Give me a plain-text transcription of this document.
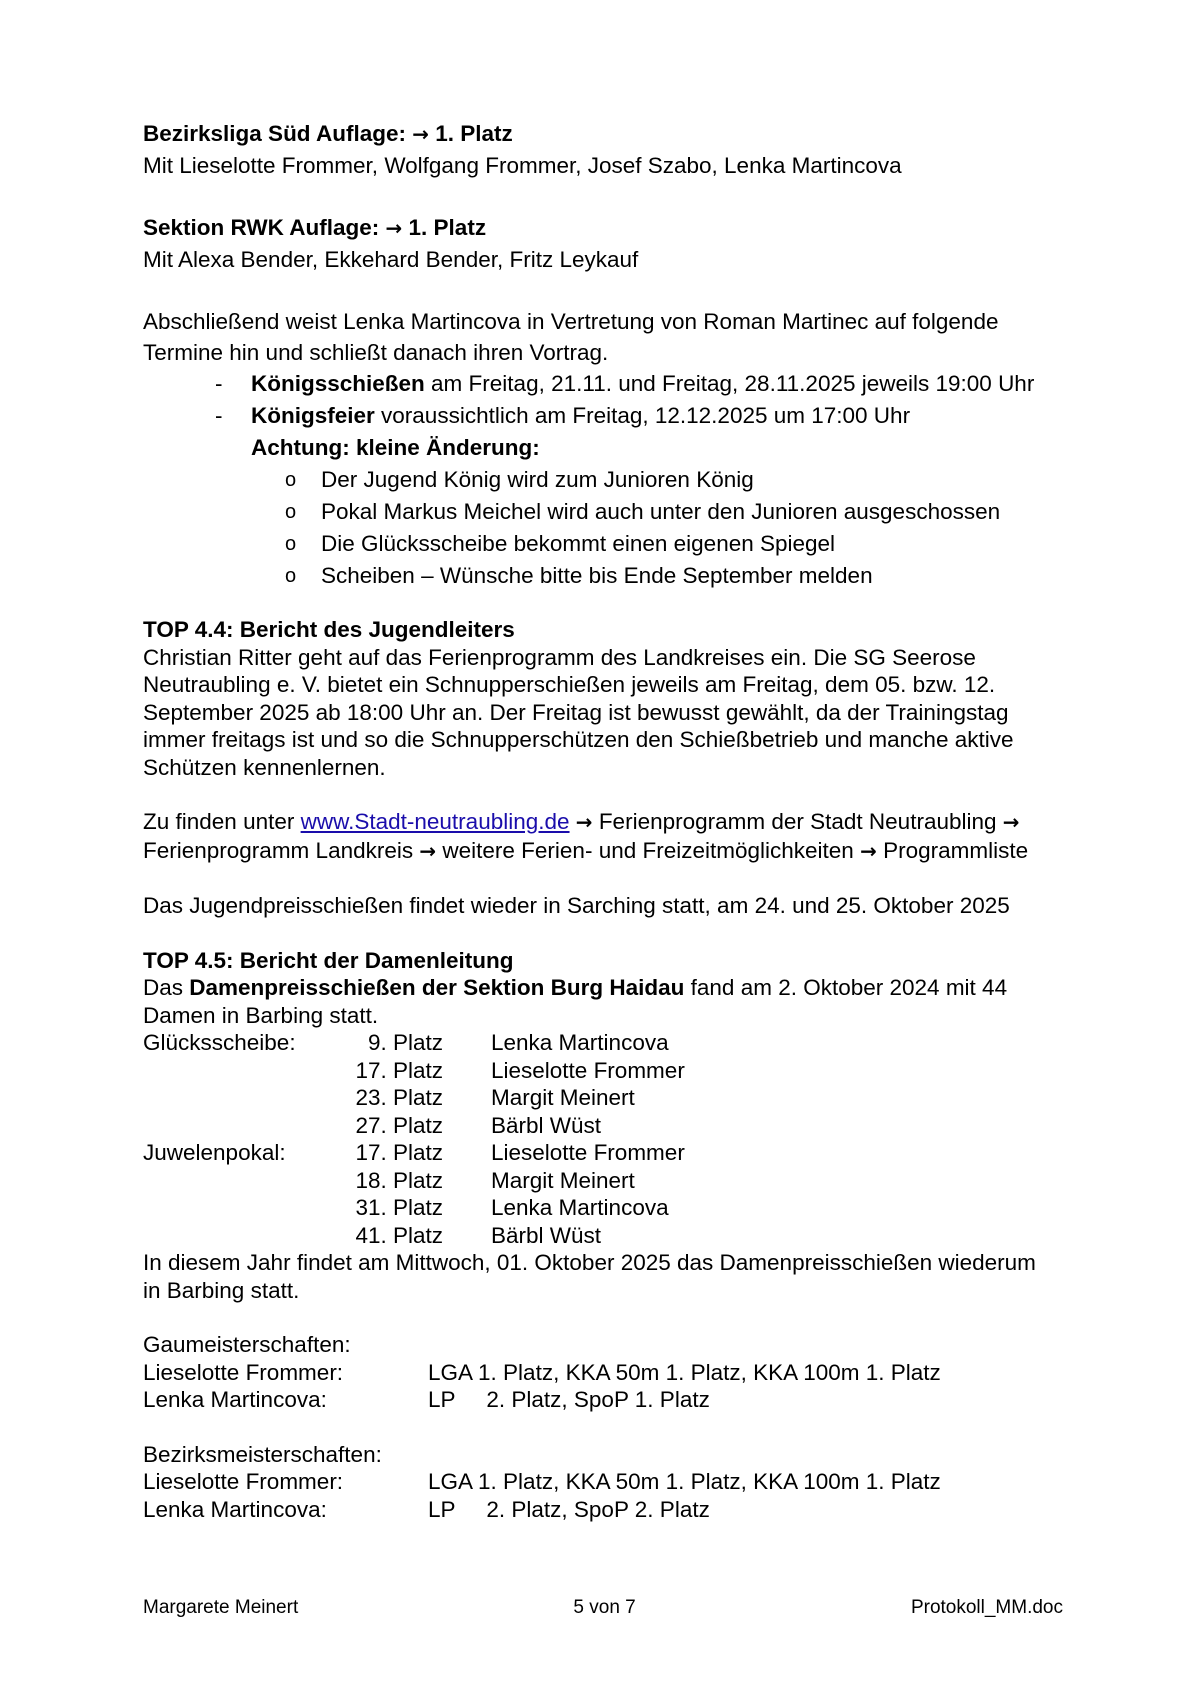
Bezirksliga Süd Auflage: → 1. Platz

Mit Lieselotte Frommer, Wolfgang Frommer, Josef Szabo, Lenka Martincova

Sektion RWK Auflage: → 1. Platz

Mit Alexa Bender, Ekkehard Bender, Fritz Leykauf

Abschließend weist Lenka Martincova in Vertretung von Roman Martinec auf folgende

Termine hin und schließt danach ihren Vortrag.

-	Königsschießen am Freitag, 21.11. und Freitag, 28.11.2025 jeweils 19:00 Uhr
-	Königsfeier voraussichtlich am Freitag, 12.12.2025 um 17:00 Uhr

Achtung: kleine Änderung:

o	Der Jugend König wird zum Junioren König
o	Pokal Markus Meichel wird auch unter den Junioren ausgeschossen
o	Die Glücksscheibe bekommt einen eigenen Spiegel
o	Scheiben – Wünsche bitte bis Ende September melden

TOP 4.4: Bericht des Jugendleiters

Christian Ritter geht auf das Ferienprogramm des Landkreises ein. Die SG Seerose

Neutraubling e. V. bietet ein Schnupperschießen jeweils am Freitag, dem 05. bzw. 12.

September 2025 ab 18:00 Uhr an. Der Freitag ist bewusst gewählt, da der Trainingstag

immer freitags ist und so die Schnupperschützen den Schießbetrieb und manche aktive

Schützen kennenlernen.

Zu finden unter www.Stadt-neutraubling.de → Ferienprogramm der Stadt Neutraubling →

Ferienprogramm Landkreis → weitere Ferien- und Freizeitmöglichkeiten → Programmliste

Das Jugendpreisschießen findet wieder in Sarching statt, am 24. und 25. Oktober 2025

TOP 4.5: Bericht der Damenleitung

Das Damenpreisschießen der Sektion Burg Haidau fand am 2. Oktober 2024 mit 44

Damen in Barbing statt.

Glücksscheibe:	9. Platz	Lenka Martincova
17. Platz	Lieselotte Frommer
23. Platz	Margit Meinert
27. Platz	Bärbl Wüst
Juwelenpokal:	17. Platz	Lieselotte Frommer
18. Platz	Margit Meinert
31. Platz	Lenka Martincova
41. Platz	Bärbl Wüst

In diesem Jahr findet am Mittwoch, 01. Oktober 2025 das Damenpreisschießen wiederum

in Barbing statt.

Gaumeisterschaften:

Lieselotte Frommer:	LGA 1. Platz, KKA 50m 1. Platz, KKA 100m 1. Platz
Lenka Martincova:	LP     2. Platz, SpoP 1. Platz

Bezirksmeisterschaften:

Lieselotte Frommer:	LGA 1. Platz, KKA 50m 1. Platz, KKA 100m 1. Platz
Lenka Martincova:	LP     2. Platz, SpoP 2. Platz
Margarete Meinert	5 von 7	Protokoll_MM.doc
